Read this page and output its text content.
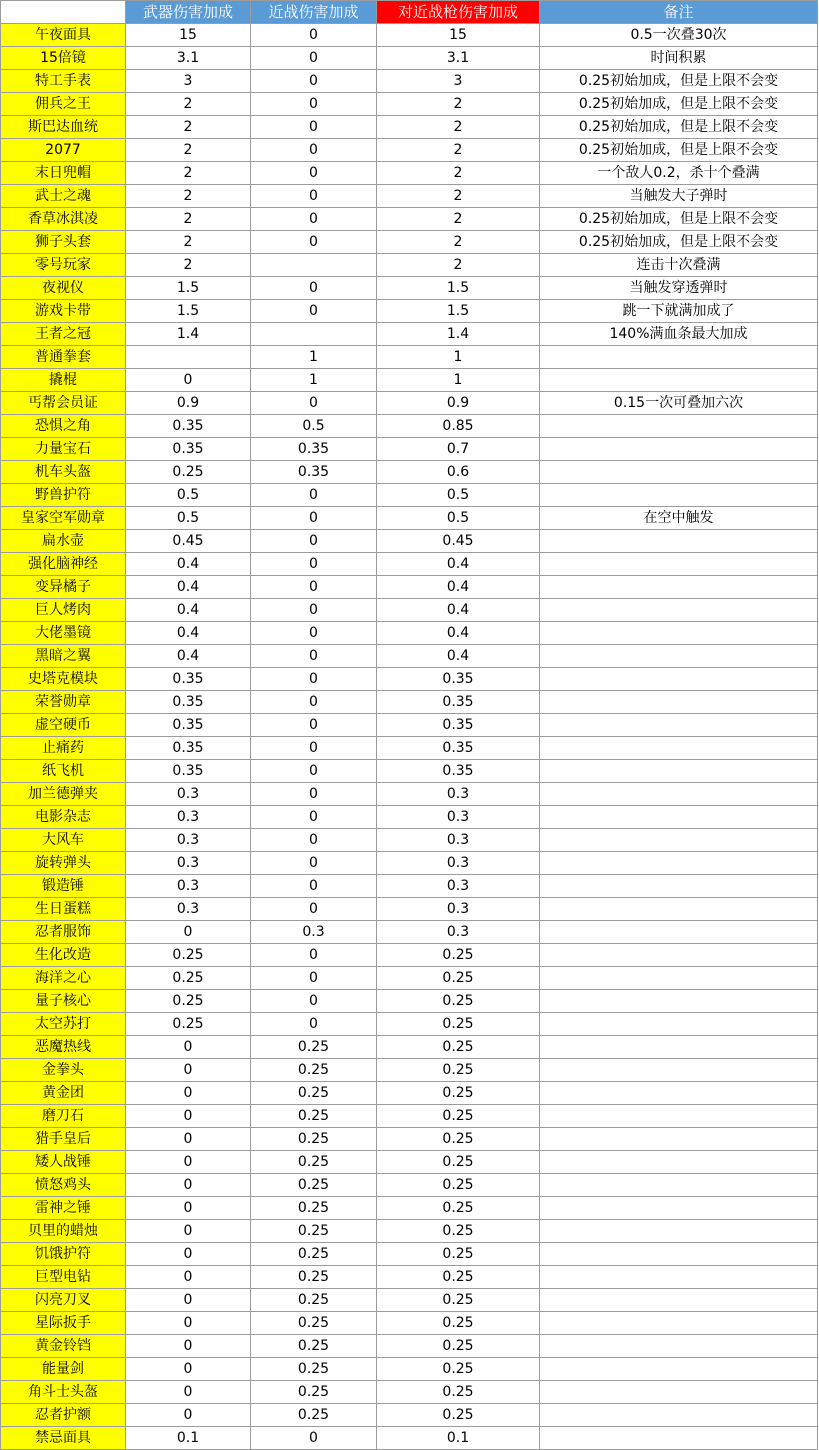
	武器伤害加成	近战伤害加成	对近战枪伤害加成	备注
午夜面具	15	0	15	0.5一次叠30次
15倍镜	3.1	0	3.1	时间积累
特工手表	3	0	3	0.25初始加成，但是上限不会变
佣兵之王	2	0	2	0.25初始加成，但是上限不会变
斯巴达血统	2	0	2	0.25初始加成，但是上限不会变
2077	2	0	2	0.25初始加成，但是上限不会变
末日兜帽	2	0	2	一个敌人0.2，杀十个叠满
武士之魂	2	0	2	当触发大子弹时
香草冰淇凌	2	0	2	0.25初始加成，但是上限不会变
狮子头套	2	0	2	0.25初始加成，但是上限不会变
零号玩家	2		2	连击十次叠满
夜视仪	1.5	0	1.5	当触发穿透弹时
游戏卡带	1.5	0	1.5	跳一下就满加成了
王者之冠	1.4		1.4	140%满血条最大加成
普通拳套		1	1	
撬棍	0	1	1	
丐帮会员证	0.9	0	0.9	0.15一次可叠加六次
恐惧之角	0.35	0.5	0.85	
力量宝石	0.35	0.35	0.7	
机车头盔	0.25	0.35	0.6	
野兽护符	0.5	0	0.5	
皇家空军勋章	0.5	0	0.5	在空中触发
扁水壶	0.45	0	0.45	
强化脑神经	0.4	0	0.4	
变异橘子	0.4	0	0.4	
巨人烤肉	0.4	0	0.4	
大佬墨镜	0.4	0	0.4	
黑暗之翼	0.4	0	0.4	
史塔克模块	0.35	0	0.35	
荣誉勋章	0.35	0	0.35	
虚空硬币	0.35	0	0.35	
止痛药	0.35	0	0.35	
纸飞机	0.35	0	0.35	
加兰德弹夹	0.3	0	0.3	
电影杂志	0.3	0	0.3	
大风车	0.3	0	0.3	
旋转弹头	0.3	0	0.3	
锻造锤	0.3	0	0.3	
生日蛋糕	0.3	0	0.3	
忍者服饰	0	0.3	0.3	
生化改造	0.25	0	0.25	
海洋之心	0.25	0	0.25	
量子核心	0.25	0	0.25	
太空苏打	0.25	0	0.25	
恶魔热线	0	0.25	0.25	
金拳头	0	0.25	0.25	
黄金团	0	0.25	0.25	
磨刀石	0	0.25	0.25	
猎手皇后	0	0.25	0.25	
矮人战锤	0	0.25	0.25	
愤怒鸡头	0	0.25	0.25	
雷神之锤	0	0.25	0.25	
贝里的蜡烛	0	0.25	0.25	
饥饿护符	0	0.25	0.25	
巨型电钻	0	0.25	0.25	
闪亮刀叉	0	0.25	0.25	
星际扳手	0	0.25	0.25	
黄金铃铛	0	0.25	0.25	
能量剑	0	0.25	0.25	
角斗士头盔	0	0.25	0.25	
忍者护额	0	0.25	0.25	
禁忌面具	0.1	0	0.1	
